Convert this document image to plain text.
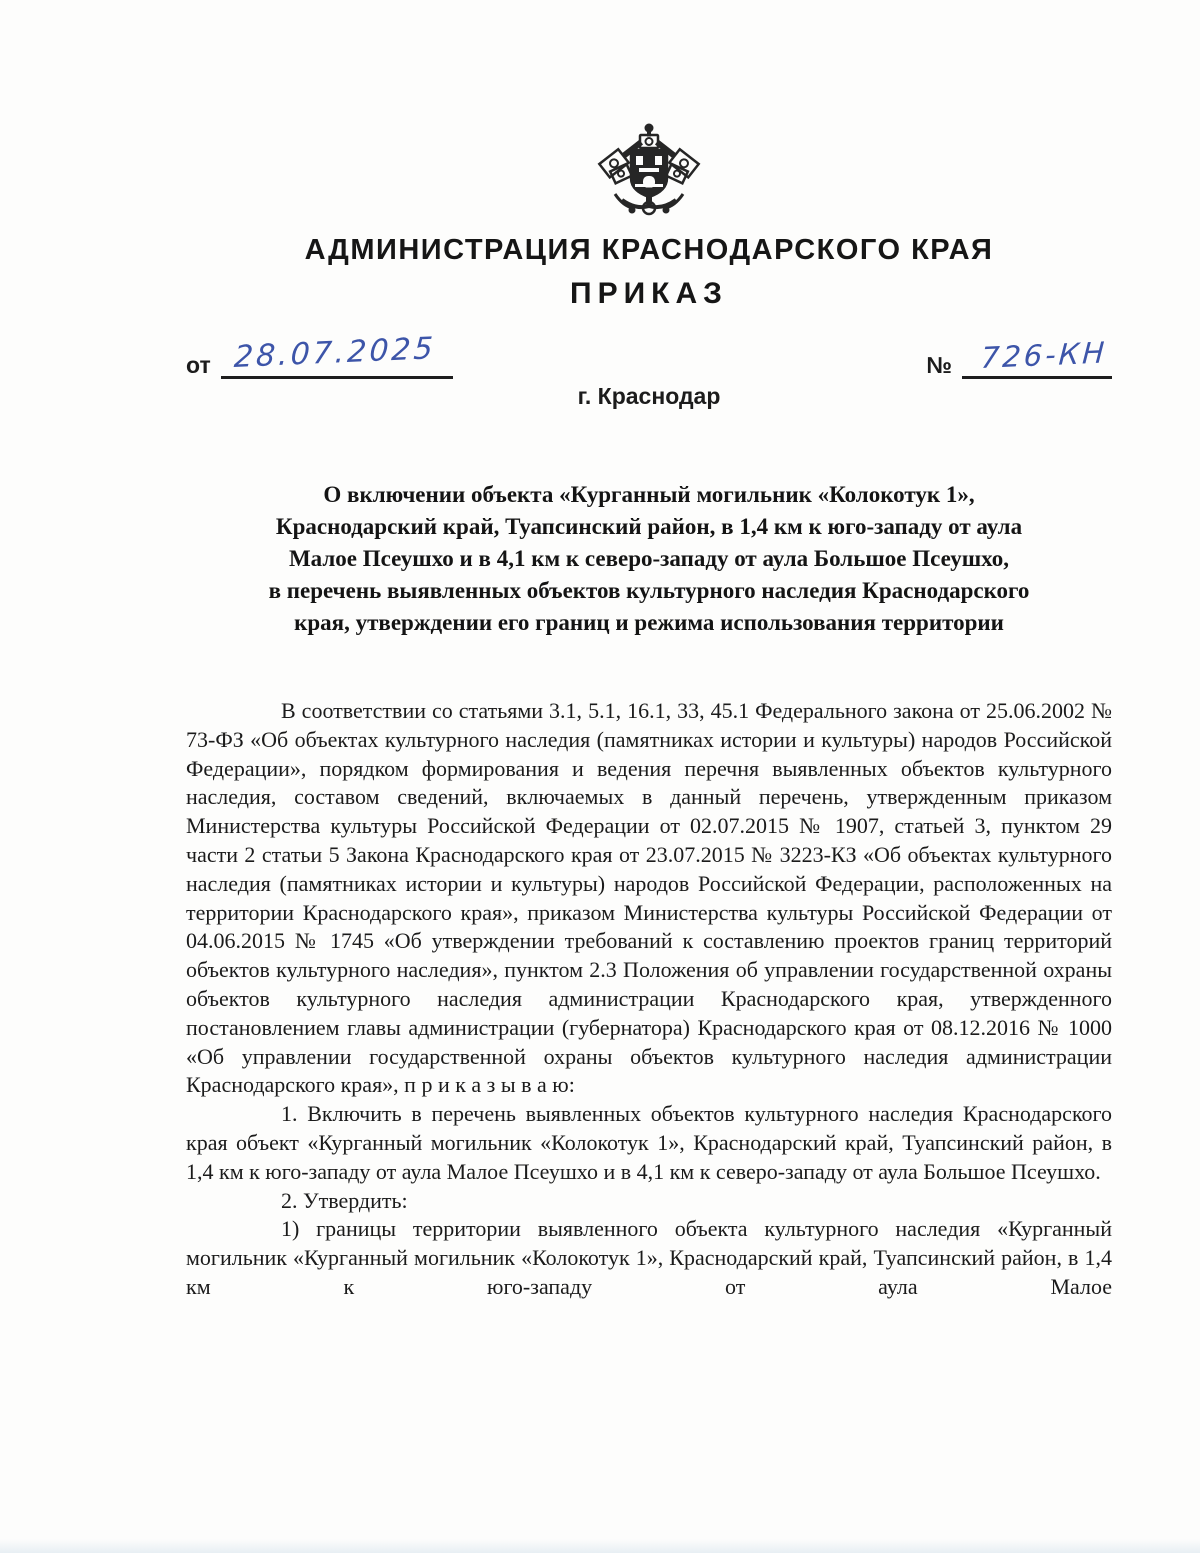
АДМИНИСТРАЦИЯ КРАСНОДАРСКОГО КРАЯ
ПРИКАЗ
от 28.07.2025	№ 726-КН
г. Краснодар
О включении объекта «Курганный могильник «Колокотук 1»,
Краснодарский край, Туапсинский район, в 1,4 км к юго-западу от аула
Малое Псеушхо и в 4,1 км к северо-западу от аула Большое Псеушхо,
в перечень выявленных объектов культурного наследия Краснодарского
края, утверждении его границ и режима использования территории

В соответствии со статьями 3.1, 5.1, 16.1, 33, 45.1 Федерального закона от 25.06.2002 № 73-ФЗ «Об объектах культурного наследия (памятниках истории и культуры) народов Российской Федерации», порядком формирования и ведения перечня выявленных объектов культурного наследия, составом сведений, включаемых в данный перечень, утвержденным приказом Министерства культуры Российской Федерации от 02.07.2015 № 1907, статьей 3, пунктом 29 части 2 статьи 5 Закона Краснодарского края от 23.07.2015 № 3223-КЗ «Об объектах культурного наследия (памятниках истории и культуры) народов Российской Федерации, расположенных на территории Краснодарского края», приказом Министерства культуры Российской Федерации от 04.06.2015 № 1745 «Об утверждении требований к составлению проектов границ территорий объектов культурного наследия», пунктом 2.3 Положения об управлении государственной охраны объектов культурного наследия администрации Краснодарского края, утвержденного постановлением главы администрации (губернатора) Краснодарского края от 08.12.2016 № 1000 «Об управлении государственной охраны объектов культурного наследия администрации Краснодарского края», п р и к а з ы в а ю:

1. Включить в перечень выявленных объектов культурного наследия Краснодарского края объект «Курганный могильник «Колокотук 1», Краснодарский край, Туапсинский район, в 1,4 км к юго-западу от аула Малое Псеушхо и в 4,1 км к северо-западу от аула Большое Псеушхо.

2. Утвердить:

1) границы территории выявленного объекта культурного наследия «Курганный могильник «Курганный могильник «Колокотук 1», Краснодарский край, Туапсинский район, в 1,4 км к юго-западу от аула Малое
